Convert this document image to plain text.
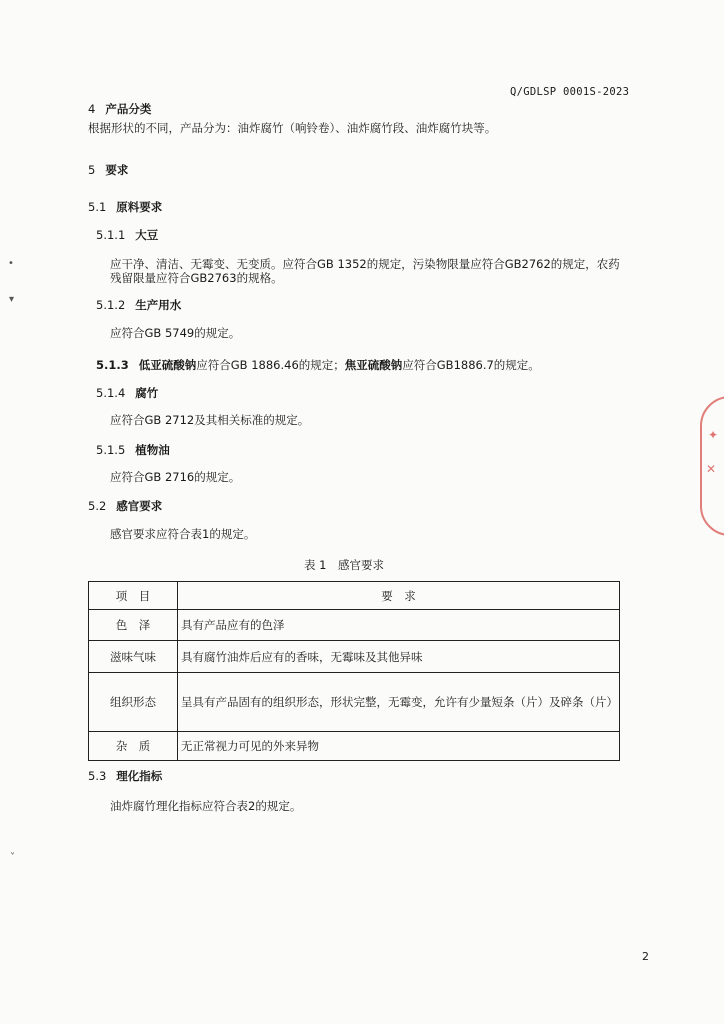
Q/GDLSP 0001S-2023
4 产品分类
根据形状的不同，产品分为：油炸腐竹（响铃卷）、油炸腐竹段、油炸腐竹块等。
5 要求
5.1 原料要求
5.1.1 大豆
应干净、清洁、无霉变、无变质。应符合GB 1352的规定，污染物限量应符合GB2762的规定，农药
残留限量应符合GB2763的规格。
5.1.2 生产用水
应符合GB 5749的规定。
5.1.3 低亚硫酸钠应符合GB 1886.46的规定；焦亚硫酸钠应符合GB1886.7的规定。
5.1.4 腐竹
应符合GB 2712及其相关标准的规定。
5.1.5 植物油
应符合GB 2716的规定。
5.2 感官要求
感官要求应符合表1的规定。
表 1　感官要求
项　目	要　求
色　泽	具有产品应有的色泽
滋味气味	具有腐竹油炸后应有的香味，无霉味及其他异味
组织形态	呈具有产品固有的组织形态，形状完整，无霉变，允许有少量短条（片）及碎条（片）
杂　质	无正常视力可见的外来异物
5.3 理化指标
油炸腐竹理化指标应符合表2的规定。
2
✦
✕
•
▾
˅
